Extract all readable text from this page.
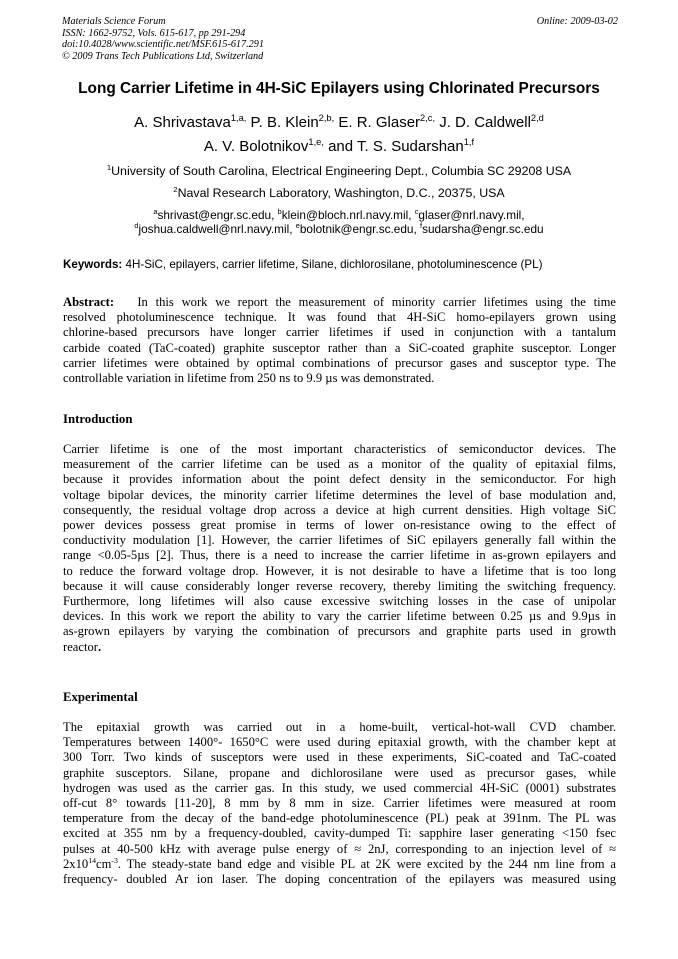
Materials Science Forum
ISSN: 1662-9752, Vols. 615-617, pp 291-294
doi:10.4028/www.scientific.net/MSF.615-617.291
© 2009 Trans Tech Publications Ltd, Switzerland
Online: 2009-03-02
Long Carrier Lifetime in 4H-SiC Epilayers using Chlorinated Precursors
A. Shrivastava$^{1,a,}$ P. B. Klein$^{2,b,}$ E. R. Glaser$^{2,c,}$ J. D. Caldwell$^{2,d}$
A. V. Bolotnikov$^{1,e,}$ and T. S. Sudarshan$^{1,f}$
$^1$University of South Carolina, Electrical Engineering Dept., Columbia SC 29208 USA
$^2$Naval Research Laboratory, Washington, D.C., 20375, USA
$^a$shrivast@engr.sc.edu, $^b$klein@bloch.nrl.navy.mil, $^c$glaser@nrl.navy.mil,
$^d$joshua.caldwell@nrl.navy.mil, $^e$bolotnik@engr.sc.edu, $^f$sudarsha@engr.sc.edu
Keywords: 4H-SiC, epilayers, carrier lifetime, Silane, dichlorosilane, photoluminescence (PL)
Abstract:   In this work we report the measurement of minority carrier lifetimes using the time
resolved photoluminescence technique. It was found that 4H-SiC homo-epilayers grown using
chlorine-based precursors have longer carrier lifetimes if used in conjunction with a tantalum
carbide coated (TaC-coated) graphite susceptor rather than a SiC-coated graphite susceptor. Longer
carrier lifetimes were obtained by optimal combinations of precursor gases and susceptor type. The
controllable variation in lifetime from 250 ns to 9.9 µs was demonstrated.
Introduction
Carrier lifetime is one of the most important characteristics of semiconductor devices. The
measurement of the carrier lifetime can be used as a monitor of the quality of epitaxial films,
because it provides information about the point defect density in the semiconductor. For high
voltage bipolar devices, the minority carrier lifetime determines the level of base modulation and,
consequently, the residual voltage drop across a device at high current densities. High voltage SiC
power devices possess great promise in terms of lower on-resistance owing to the effect of
conductivity modulation [1]. However, the carrier lifetimes of SiC epilayers generally fall within the
range <0.05-5µs [2]. Thus, there is a need to increase the carrier lifetime in as-grown epilayers and
to reduce the forward voltage drop. However, it is not desirable to have a lifetime that is too long
because it will cause considerably longer reverse recovery, thereby limiting the switching frequency.
Furthermore, long lifetimes will also cause excessive switching losses in the case of unipolar
devices. In this work we report the ability to vary the carrier lifetime between 0.25 µs and 9.9µs in
as-grown epilayers by varying the combination of precursors and graphite parts used in growth
reactor.
Experimental
The epitaxial growth was carried out in a home-built, vertical-hot-wall CVD chamber.
Temperatures between 1400°- 1650°C were used during epitaxial growth, with the chamber kept at
300 Torr. Two kinds of susceptors were used in these experiments, SiC-coated and TaC-coated
graphite susceptors. Silane, propane and dichlorosilane were used as precursor gases, while
hydrogen was used as the carrier gas. In this study, we used commercial 4H-SiC (0001) substrates
off-cut 8° towards [11-20], 8 mm by 8 mm in size. Carrier lifetimes were measured at room
temperature from the decay of the band-edge photoluminescence (PL) peak at 391nm. The PL was
excited at 355 nm by a frequency-doubled, cavity-dumped Ti: sapphire laser generating <150 fsec
pulses at 40-500 kHz with average pulse energy of ≈ 2nJ, corresponding to an injection level of ≈
$2x10^{14}cm^{-3}$. The steady-state band edge and visible PL at 2K were excited by the 244 nm line from a
frequency- doubled Ar ion laser. The doping concentration of the epilayers was measured using
